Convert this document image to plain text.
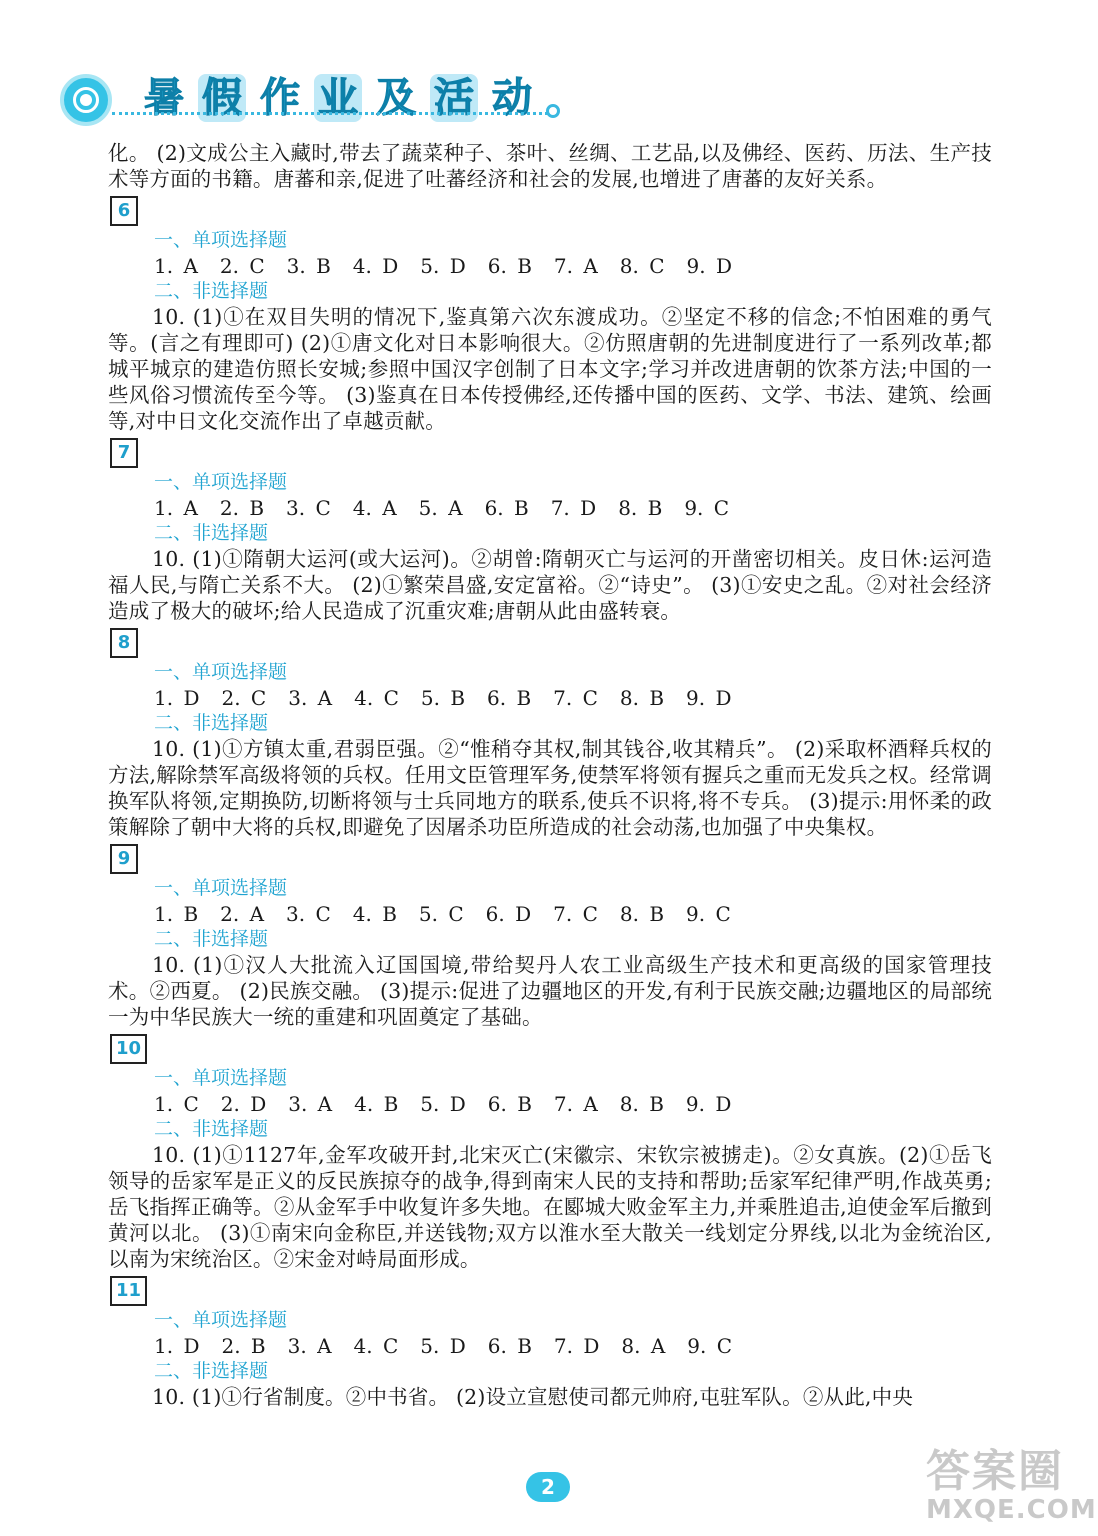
暑 假 作 业 及 活 动

化。 (2)文成公主入藏时,带去了蔬菜种子、茶叶、丝绸、工艺品,以及佛经、医药、历法、生产技术等方面的书籍。唐蕃和亲,促进了吐蕃经济和社会的发展,也增进了唐蕃的友好关系。

6

一、单项选择题

1. A 2. C 3. B 4. D 5. D 6. B 7. A 8. C 9. D

二、非选择题

10. (1)①在双目失明的情况下,鉴真第六次东渡成功。②坚定不移的信念;不怕困难的勇气等。(言之有理即可) (2)①唐文化对日本影响很大。②仿照唐朝的先进制度进行了一系列改革;都城平城京的建造仿照长安城;参照中国汉字创制了日本文字;学习并改进唐朝的饮茶方法;中国的一些风俗习惯流传至今等。 (3)鉴真在日本传授佛经,还传播中国的医药、文学、书法、建筑、绘画等,对中日文化交流作出了卓越贡献。

7

一、单项选择题

1. A 2. B 3. C 4. A 5. A 6. B 7. D 8. B 9. C

二、非选择题

10. (1)①隋朝大运河(或大运河)。②胡曾:隋朝灭亡与运河的开凿密切相关。皮日休:运河造福人民,与隋亡关系不大。 (2)①繁荣昌盛,安定富裕。②“诗史”。 (3)①安史之乱。②对社会经济造成了极大的破坏;给人民造成了沉重灾难;唐朝从此由盛转衰。

8

一、单项选择题

1. D 2. C 3. A 4. C 5. B 6. B 7. C 8. B 9. D

二、非选择题

10. (1)①方镇太重,君弱臣强。②“惟稍夺其权,制其钱谷,收其精兵”。 (2)采取杯酒释兵权的方法,解除禁军高级将领的兵权。任用文臣管理军务,使禁军将领有握兵之重而无发兵之权。经常调换军队将领,定期换防,切断将领与士兵同地方的联系,使兵不识将,将不专兵。 (3)提示:用怀柔的政策解除了朝中大将的兵权,即避免了因屠杀功臣所造成的社会动荡,也加强了中央集权。

9

一、单项选择题

1. B 2. A 3. C 4. B 5. C 6. D 7. C 8. B 9. C

二、非选择题

10. (1)①汉人大批流入辽国国境,带给契丹人农工业高级生产技术和更高级的国家管理技术。②西夏。 (2)民族交融。 (3)提示:促进了边疆地区的开发,有利于民族交融;边疆地区的局部统一为中华民族大一统的重建和巩固奠定了基础。

10

一、单项选择题

1. C 2. D 3. A 4. B 5. D 6. B 7. A 8. B 9. D

二、非选择题

10. (1)①1127年,金军攻破开封,北宋灭亡(宋徽宗、宋钦宗被掳走)。②女真族。(2)①岳飞领导的岳家军是正义的反民族掠夺的战争,得到南宋人民的支持和帮助;岳家军纪律严明,作战英勇;岳飞指挥正确等。②从金军手中收复许多失地。在郾城大败金军主力,并乘胜追击,迫使金军后撤到黄河以北。 (3)①南宋向金称臣,并送钱物;双方以淮水至大散关一线划定分界线,以北为金统治区,以南为宋统治区。②宋金对峙局面形成。

11

一、单项选择题

1. D 2. B 3. A 4. C 5. D 6. B 7. D 8. A 9. C

二、非选择题

10. (1)①行省制度。②中书省。 (2)设立宣慰使司都元帅府,屯驻军队。②从此,中央

2	答案圈
MXQE.COM
